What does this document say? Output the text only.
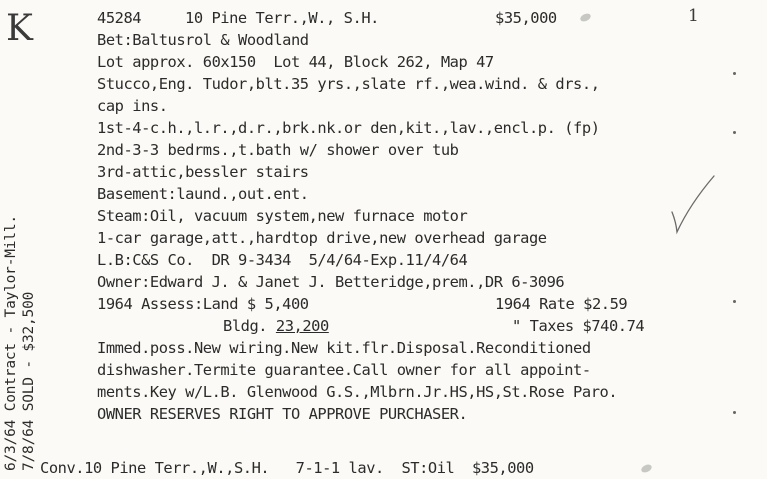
K	1
45284	10 Pine Terr.,W., S.H.	$35,000
Bet:Baltusrol & Woodland
Lot approx. 60x150  Lot 44, Block 262, Map 47
Stucco,Eng. Tudor,blt.35 yrs.,slate rf.,wea.wind. & drs.,
cap ins.
1st-4-c.h.,l.r.,d.r.,brk.nk.or den,kit.,lav.,encl.p. (fp)
2nd-3-3 bedrms.,t.bath w/ shower over tub
3rd-attic,bessler stairs
Basement:laund.,out.ent.
Steam:Oil, vacuum system,new furnace motor
1-car garage,att.,hardtop drive,new overhead garage
L.B:C&S Co.  DR 9-3434  5/4/64-Exp.11/4/64
Owner:Edward J. & Janet J. Betteridge,prem.,DR 6-3096
1964 Assess:Land $ 5,400	1964 Rate $2.59
Bldg. 23,200	" Taxes $740.74
Immed.poss.New wiring.New kit.flr.Disposal.Reconditioned
dishwasher.Termite guarantee.Call owner for all appoint-
ments.Key w/L.B. Glenwood G.S.,Mlbrn.Jr.HS,HS,St.Rose Paro.
OWNER RESERVES RIGHT TO APPROVE PURCHASER.
Conv.10 Pine Terr.,W.,S.H.   7-1-1 lav.  ST:Oil  $35,000
6/3/64 Contract - Taylor-Mill. 7/8/64 SOLD - $32,500
